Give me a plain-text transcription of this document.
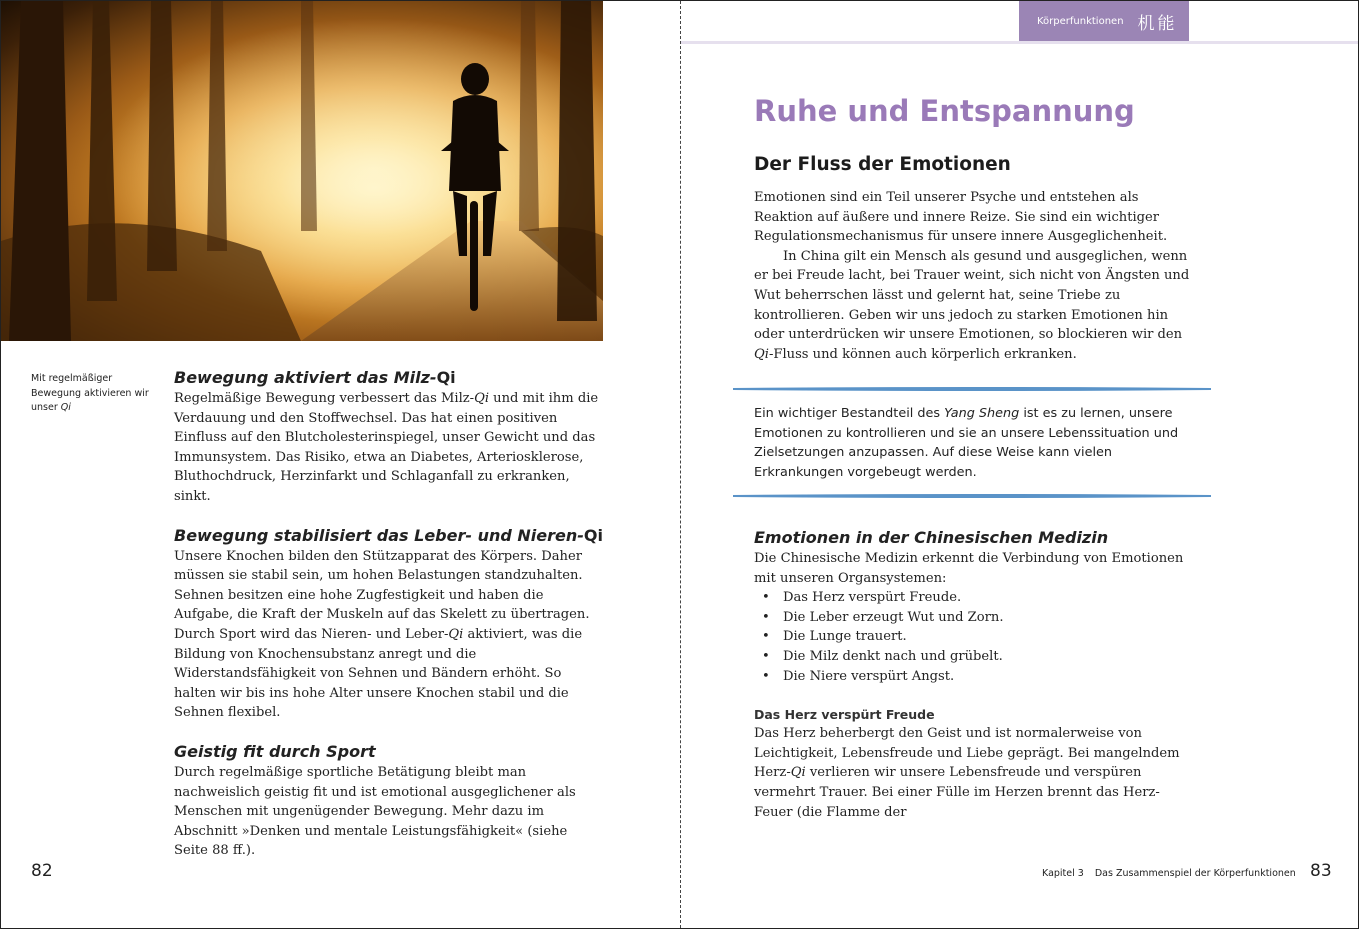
Mit regelmäßiger Bewegung aktivieren wir unser Qi
Bewegung aktiviert das Milz-Qi

Regelmäßige Bewegung verbessert das Milz-Qi und mit ihm die Verdauung und den Stoffwechsel. Das hat einen positiven Einfluss auf den Blutcholesterinspiegel, unser Gewicht und das Immunsystem. Das Risiko, etwa an Diabetes, Arteriosklerose, Bluthochdruck, Herzinfarkt und Schlaganfall zu erkranken, sinkt.

Bewegung stabilisiert das Leber- und Nieren-Qi

Unsere Knochen bilden den Stützapparat des Körpers. Daher müssen sie stabil sein, um hohen Belastungen standzuhalten. Sehnen besitzen eine hohe Zugfestigkeit und haben die Aufgabe, die Kraft der Muskeln auf das Skelett zu übertragen. Durch Sport wird das Nieren- und Leber-Qi aktiviert, was die Bildung von Knochensubstanz anregt und die Widerstandsfähigkeit von Sehnen und Bändern erhöht. So halten wir bis ins hohe Alter unsere Knochen stabil und die Sehnen flexibel.

Geistig fit durch Sport

Durch regelmäßige sportliche Betätigung bleibt man nachweislich geistig fit und ist emotional ausgeglichener als Menschen mit ungenügender Bewegung. Mehr dazu im Abschnitt »Denken und mentale Leistungsfähigkeit« (siehe Seite 88 ff.).

82
Körperfunktionen 机能
Ruhe und Entspannung
Der Fluss der Emotionen

Emotionen sind ein Teil unserer Psyche und entstehen als Reaktion auf äußere und innere Reize. Sie sind ein wichtiger Regulationsmechanismus für unsere innere Ausgeglichenheit.

In China gilt ein Mensch als gesund und ausgeglichen, wenn er bei Freude lacht, bei Trauer weint, sich nicht von Ängsten und Wut beherrschen lässt und gelernt hat, seine Triebe zu kontrollieren. Geben wir uns jedoch zu starken Emotionen hin oder unterdrücken wir unsere Emotionen, so blockieren wir den Qi-Fluss und können auch körperlich erkranken.

Ein wichtiger Bestandteil des Yang Sheng ist es zu lernen, unsere Emotionen zu kontrollieren und sie an unsere Lebenssituation und Zielsetzungen anzupassen. Auf diese Weise kann vielen Erkrankungen vorgebeugt werden.
Emotionen in der Chinesischen Medizin

Die Chinesische Medizin erkennt die Verbindung von Emotionen mit unseren Organsystemen:

• Das Herz verspürt Freude.
• Die Leber erzeugt Wut und Zorn.
• Die Lunge trauert.
• Die Milz denkt nach und grübelt.
• Die Niere verspürt Angst.
Das Herz verspürt Freude

Das Herz beherbergt den Geist und ist normalerweise von Leichtigkeit, Lebensfreude und Liebe geprägt. Bei mangelndem Herz-Qi verlieren wir unsere Lebensfreude und verspüren vermehrt Trauer. Bei einer Fülle im Herzen brennt das Herz-Feuer (die Flamme der

Kapitel 3 Das Zusammenspiel der Körperfunktionen 83
